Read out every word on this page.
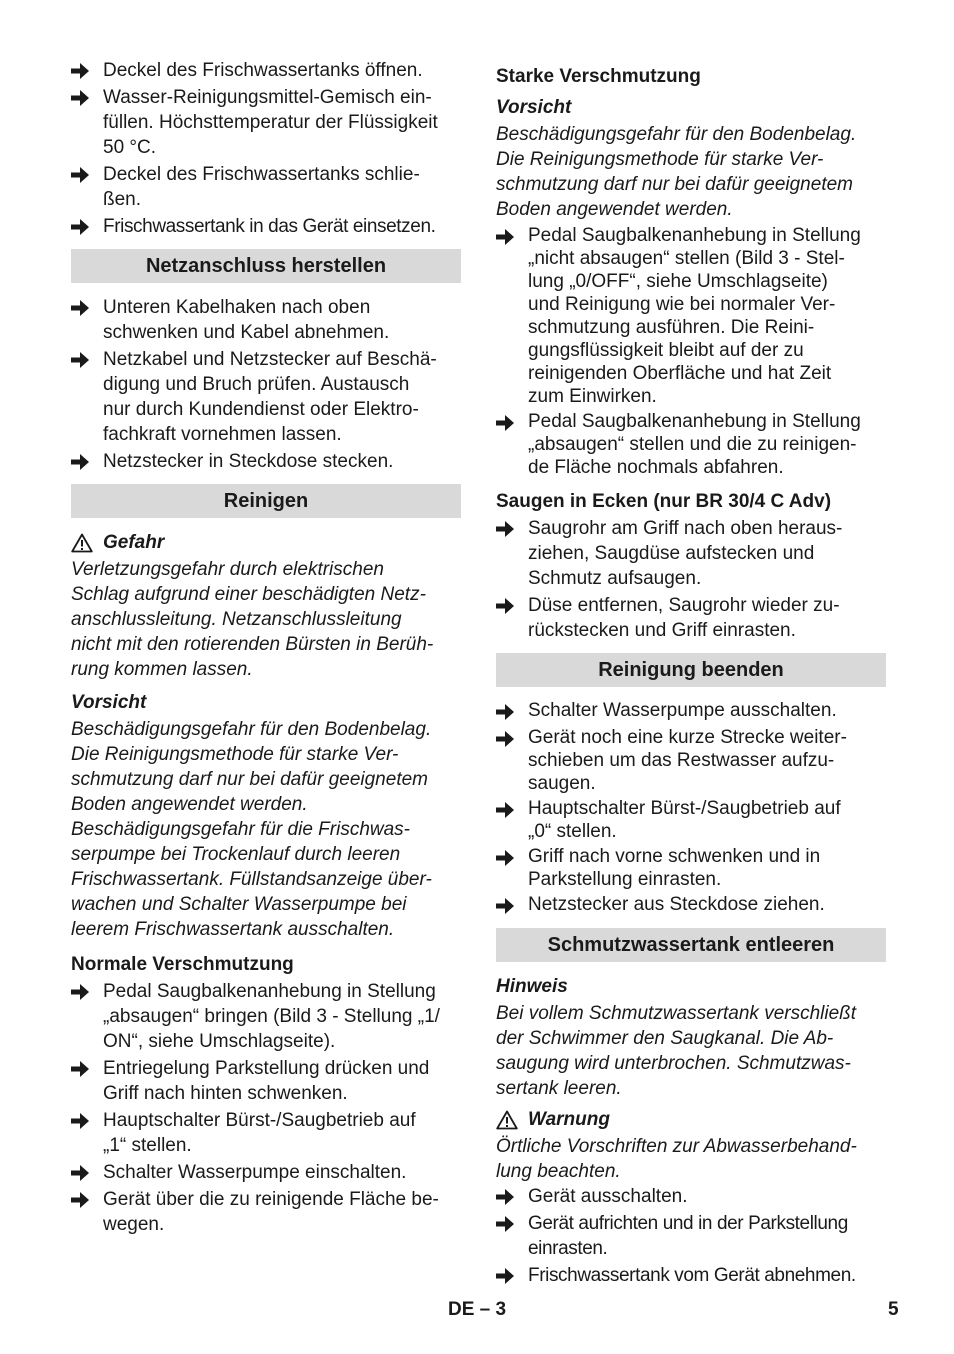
Deckel des Frischwassertanks öffnen.
Wasser-Reinigungsmittel-Gemisch ein-
füllen. Höchsttemperatur der Flüssigkeit
50 °C.
Deckel des Frischwassertanks schlie-
ßen.
Frischwassertank in das Gerät einsetzen.
Netzanschluss herstellen
Unteren Kabelhaken nach oben
schwenken und Kabel abnehmen.
Netzkabel und Netzstecker auf Beschä-
digung und Bruch prüfen. Austausch
nur durch Kundendienst oder Elektro-
fachkraft vornehmen lassen.
Netzstecker in Steckdose stecken.
Reinigen
Gefahr
Verletzungsgefahr durch elektrischen
Schlag aufgrund einer beschädigten Netz-
anschlussleitung. Netzanschlussleitung
nicht mit den rotierenden Bürsten in Berüh-
rung kommen lassen.
Vorsicht
Beschädigungsgefahr für den Bodenbelag.
Die Reinigungsmethode für starke Ver-
schmutzung darf nur bei dafür geeignetem
Boden angewendet werden.
Beschädigungsgefahr für die Frischwas-
serpumpe bei Trockenlauf durch leeren
Frischwassertank. Füllstandsanzeige über-
wachen und Schalter Wasserpumpe bei
leerem Frischwassertank ausschalten.
Normale Verschmutzung
Pedal Saugbalkenanhebung in Stellung
„absaugen“ bringen (Bild 3 - Stellung „1/
ON“, siehe Umschlagseite).
Entriegelung Parkstellung drücken und
Griff nach hinten schwenken.
Hauptschalter Bürst-/Saugbetrieb auf
„1“ stellen.
Schalter Wasserpumpe einschalten.
Gerät über die zu reinigende Fläche be-
wegen.
Starke Verschmutzung
Vorsicht
Beschädigungsgefahr für den Bodenbelag.
Die Reinigungsmethode für starke Ver-
schmutzung darf nur bei dafür geeignetem
Boden angewendet werden.
Pedal Saugbalkenanhebung in Stellung
„nicht absaugen“ stellen (Bild 3 - Stel-
lung „0/OFF“, siehe Umschlagseite)
und Reinigung wie bei normaler Ver-
schmutzung ausführen. Die Reini-
gungsflüssigkeit bleibt auf der zu
reinigenden Oberfläche und hat Zeit
zum Einwirken.
Pedal Saugbalkenanhebung in Stellung
„absaugen“ stellen und die zu reinigen-
de Fläche nochmals abfahren.
Saugen in Ecken (nur BR 30/4 C Adv)
Saugrohr am Griff nach oben heraus-
ziehen, Saugdüse aufstecken und
Schmutz aufsaugen.
Düse entfernen, Saugrohr wieder zu-
rückstecken und Griff einrasten.
Reinigung beenden
Schalter Wasserpumpe ausschalten.
Gerät noch eine kurze Strecke weiter-
schieben um das Restwasser aufzu-
saugen.
Hauptschalter Bürst-/Saugbetrieb auf
„0“ stellen.
Griff nach vorne schwenken und in
Parkstellung einrasten.
Netzstecker aus Steckdose ziehen.
Schmutzwassertank entleeren
Hinweis
Bei vollem Schmutzwassertank verschließt
der Schwimmer den Saugkanal. Die Ab-
saugung wird unterbrochen. Schmutzwas-
sertank leeren.
Warnung
Örtliche Vorschriften zur Abwasserbehand-
lung beachten.
Gerät ausschalten.
Gerät aufrichten und in der Parkstellung
einrasten.
Frischwassertank vom Gerät abnehmen.
DE – 3	5
